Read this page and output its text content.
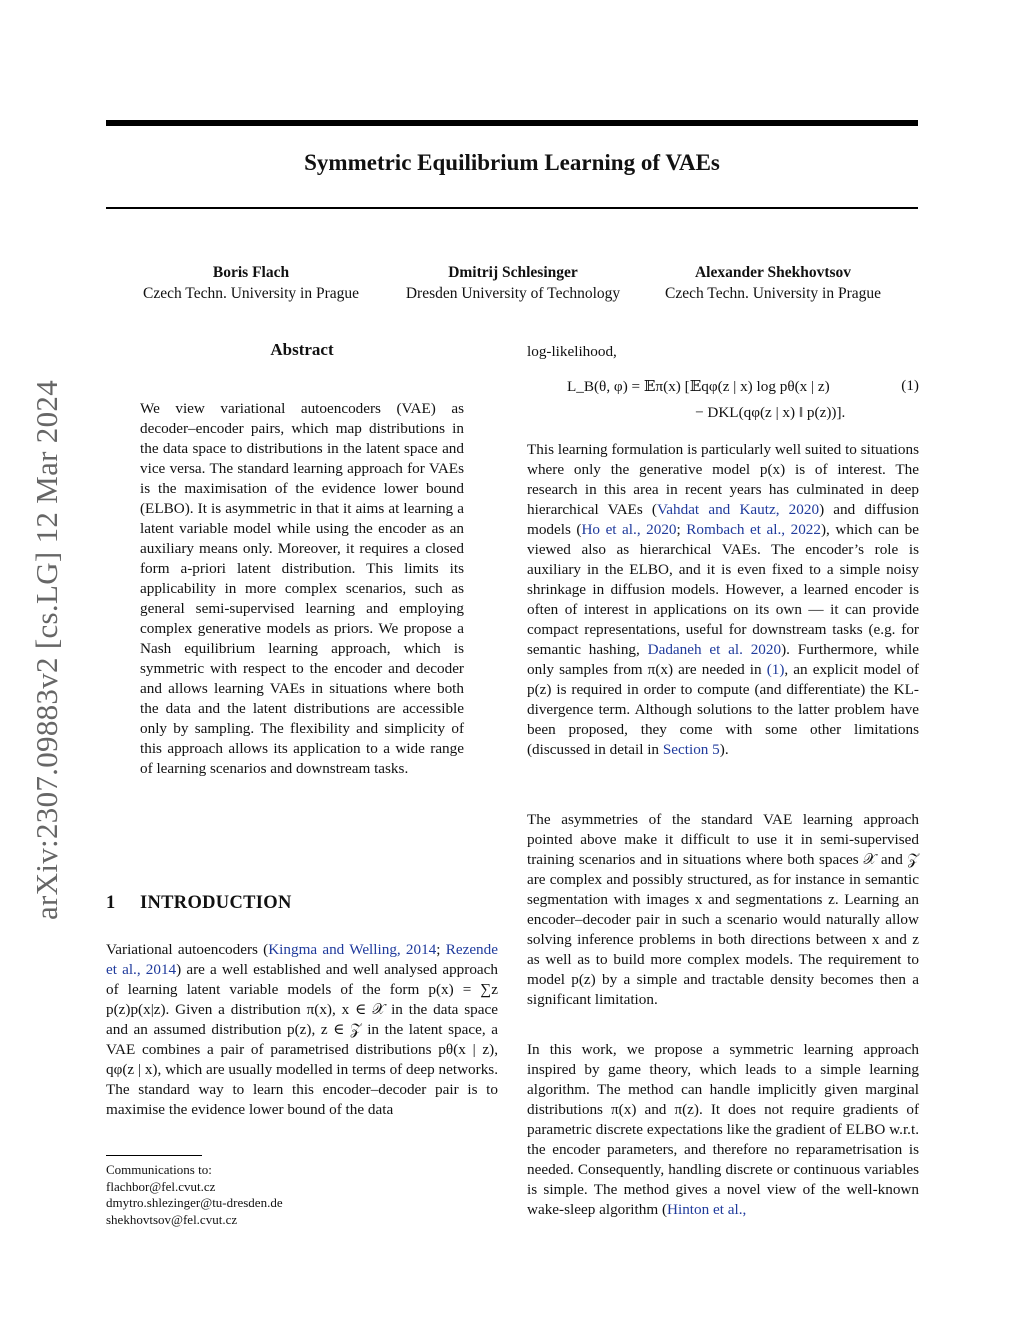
arXiv:2307.09883v2 [cs.LG] 12 Mar 2024
Symmetric Equilibrium Learning of VAEs
Boris Flach
Czech Techn. University in Prague
Dmitrij Schlesinger
Dresden University of Technology
Alexander Shekhovtsov
Czech Techn. University in Prague
Abstract

We view variational autoencoders (VAE) as decoder–encoder pairs, which map distributions in the data space to distributions in the latent space and vice versa. The standard learning approach for VAEs is the maximisation of the evidence lower bound (ELBO). It is asymmetric in that it aims at learning a latent variable model while using the encoder as an auxiliary means only. Moreover, it requires a closed form a-priori latent distribution. This limits its applicability in more complex scenarios, such as general semi-supervised learning and employing complex generative models as priors. We propose a Nash equilibrium learning approach, which is symmetric with respect to the encoder and decoder and allows learning VAEs in situations where both the data and the latent distributions are accessible only by sampling. The flexibility and simplicity of this approach allows its application to a wide range of learning scenarios and downstream tasks.

1 INTRODUCTION

Variational autoencoders (Kingma and Welling, 2014; Rezende et al., 2014) are a well established and well analysed approach of learning latent variable models of the form p(x) = ∑z p(z)p(x|z). Given a distribution π(x), x ∈ 𝒳 in the data space and an assumed distribution p(z), z ∈ 𝒵 in the latent space, a VAE combines a pair of parametrised distributions pθ(x | z), qφ(z | x), which are usually modelled in terms of deep networks. The standard way to learn this encoder–decoder pair is to maximise the evidence lower bound of the data

Communications to:
flachbor@fel.cvut.cz
dmytro.shlezinger@tu-dresden.de
shekhovtsov@fel.cvut.cz

log-likelihood,

L_B(θ, φ) = 𝔼π(x) [𝔼qφ(z | x) log pθ(x | z)	(1)
− DKL(qφ(z | x) ‖ p(z))].

This learning formulation is particularly well suited to situations where only the generative model p(x) is of interest. The research in this area in recent years has culminated in deep hierarchical VAEs (Vahdat and Kautz, 2020) and diffusion models (Ho et al., 2020; Rombach et al., 2022), which can be viewed also as hierarchical VAEs. The encoder’s role is auxiliary in the ELBO, and it is even fixed to a simple noisy shrinkage in diffusion models. However, a learned encoder is often of interest in applications on its own — it can provide compact representations, useful for downstream tasks (e.g. for semantic hashing, Dadaneh et al. 2020). Furthermore, while only samples from π(x) are needed in (1), an explicit model of p(z) is required in order to compute (and differentiate) the KL-divergence term. Although solutions to the latter problem have been proposed, they come with some other limitations (discussed in detail in Section 5).

The asymmetries of the standard VAE learning approach pointed above make it difficult to use it in semi-supervised training scenarios and in situations where both spaces 𝒳 and 𝒵 are complex and possibly structured, as for instance in semantic segmentation with images x and segmentations z. Learning an encoder–decoder pair in such a scenario would naturally allow solving inference problems in both directions between x and z as well as to build more complex models. The requirement to model p(z) by a simple and tractable density becomes then a significant limitation.

In this work, we propose a symmetric learning approach inspired by game theory, which leads to a simple learning algorithm. The method can handle implicitly given marginal distributions π(x) and π(z). It does not require gradients of parametric discrete expectations like the gradient of ELBO w.r.t. the encoder parameters, and therefore no reparametrisation is needed. Consequently, handling discrete or continuous variables is simple. The method gives a novel view of the well-known wake-sleep algorithm (Hinton et al.,
